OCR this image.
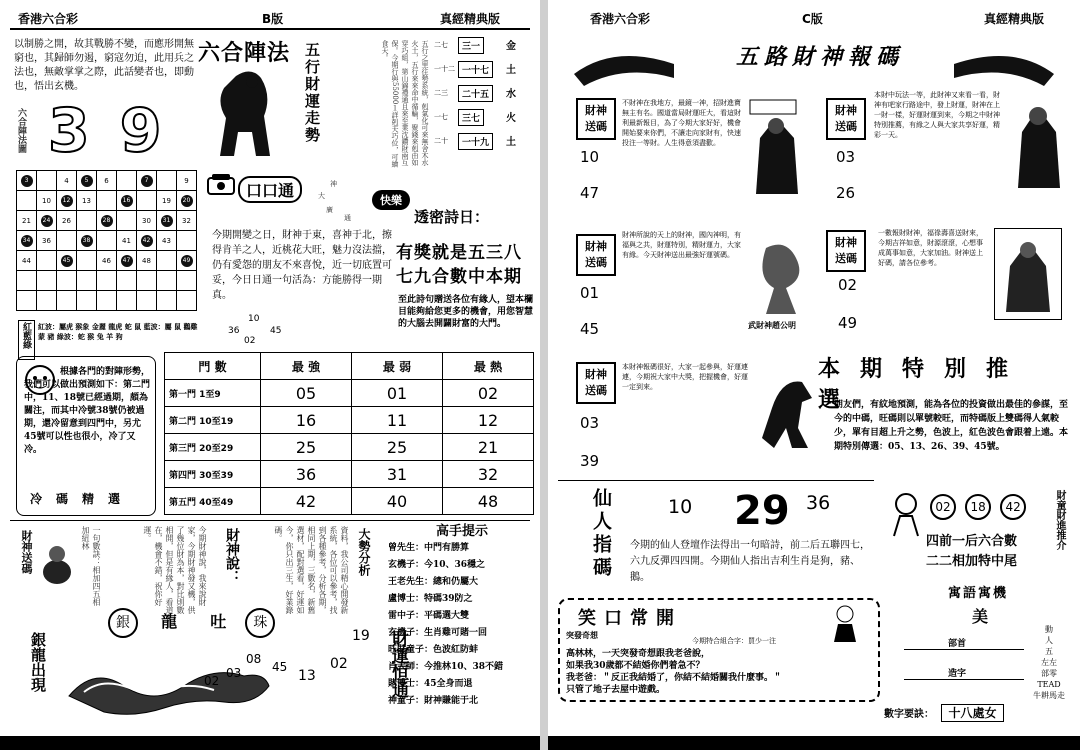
香港六合彩	B版	真經精典版
以制勝之開，故其戰勝不變，而應形開無窮也，其歸師勿遏，窮寇勿迫，此用兵之法也，無敵掌掌之際，此話變者也，即動也，悟出玄機。
六合陣法
六合陣法圖 39	五行財運走勢	五行之里往勢系統，剋氣化可來無舍木水火土，五行來來命中循輪，聚錢來剋由如穿巧組，第山錦禮通且來至業沈鑽財兩互保。今期行與55000１詳剋天巧位，可繪食天。	二七	三一	金
一十二 一十七	土
二三	二十五	水
一七	三七	火
二十	一十九	土
3		4	5	6		7		9
	10	12	13		16		19	20
21	24	26		28		30	31	32
34	36		38		41	42	43	
44		45		46	47	48		49

口口通	神
大
廣
通
快樂
今期開變之日，財神于東，喜神于北，擦得肯羊之人，近桃花大旺，魅力沒法擋，仍有愛怨的朋友不來喜悅，近一切底置可妥，今日日通一句活為：方能勝得一期真。
透密詩日：
有獎就是五三八
七九合數中本期
至此詩句贈送各位有緣人，望本欄目能夠給您更多的機會，用您智慧的大腦去開闢財富的大門。
10
36	45
02
紅藍綠	紅波：屬虎 猴象 金麗 龍虎 蛇 鼠 藍波：屬 鼠 鸛雞 蒙 豬 綠波：蛇 猴 兔 羊 狗
根據各門的對陣形勢，我們可以做出預測如下：第二門中，11、18號已經過期，頗為關注，而其中冷號38號仍被過期，還冷留意到四門中，另尤45號可以性也很小，冷了又冷。
冷碼精選
門 數	最 強	最 弱	最 熱
第一門 1至9	05	01	02
第二門 10至19	16	11	12
第三門 20至29	25	25	21
第四門 30至39	36	31	32
第五門 40至49	42	40	48
財神送碼	一句數訣：相加四五相加紐林	今期財神說，我來說財家，今期財神發又機，供了幾位財為本，對比則數相開，但是有緣人，看道在，機會不錯，祝你好運。	財神說：	資料，我公司精心開發新系統，各位可以參考，找到各種參考，分析各期，相同上期，三數名，新舊選材，配對選看，好運如今，你只出三生，好業錄碼。	大勢分析	高手提示
曾先生：中門有勝算
玄機子：今10、36穩之
王老先生：總和仍屬大
盧博士：特碼39防之
雷中子：平碼選大雙
玄機子：生肖雞可賭一回
旺財童子：色波紅防蚌
肖大師：今推林10、38不錯
賭博士：45全身而退
神童子：財神賺能于北
銀龍出現
銀 龍 吐 珠
02
03
08
45
13
02
19 財運恒通
香港六合彩	C版	真經精典版
五路財神報碼
財神送碼
10
47
不財神在我地方，最鏡一神，招財進寶無主有名。國道當局財運旺大，看這財利最新報目，為了今期大家好好，機會開始要來你們，不讓走向家財有，快速投注一等財。人生得意須盡歡。
財神送碼
03
26
本財中玩法一等，此財神又來看一看，財神有吧家行路途中，發上財運，財神在上一財一樣，好運財運到來，今期之中財神特別推薦，有緣之人與大家共享好運，精彩一天。
財神送碼
01
45
財神所說的天上的財神，國內神明，有福與之共，財運特別，精財運力，大家有緣。今天財神送出最強好運號碼。
武財神趙公明
財神送碼
02
49
一數報財財神，福祿壽喜送財來，今期吉祥如意，財源滾滾，心想事成萬事如意，大家加油。財神送上好碼，請各位參考。
財神送碼
03
39
本財神報碼很好，大家一起參與，好運連連，今期祝大家中大獎，把握機會，好運一定到來。
本期特別推選
朋友們，有紋地預測，能為各位的投資做出最佳的參謀，至今的中碼，旺碼則以單號較旺，而特碼版上雙碼得人氣較少，單有目超上升之勢，色波上，紅色波色會跟着上遠。本期特別傳選：05、13、26、39、45號。
仙人指碼	10 29 36
今期的仙人登壇作法得出一句暗詩，前二后五聯四七，六九反彈四四開。今期仙人指出吉利生肖是狗，豬、鵝。
02 18 42	財童財進推介
四前一后六合數
二二相加特中尾
寓語寓機
美
部首
造字
動
人
五
左左
部零
TEAD
牛耕馬走
笑口常開
突發奇想
今期特合組合字：買少一注
高林林，一天突發奇想跟我老爸說，
如果我30歲都不結婚你們着急不？
我老爸：＂反正我結婚了，你結不結婚關我什麼事。＂
只管了地子去屋中遊戲。
數字要訣： 十八處女
